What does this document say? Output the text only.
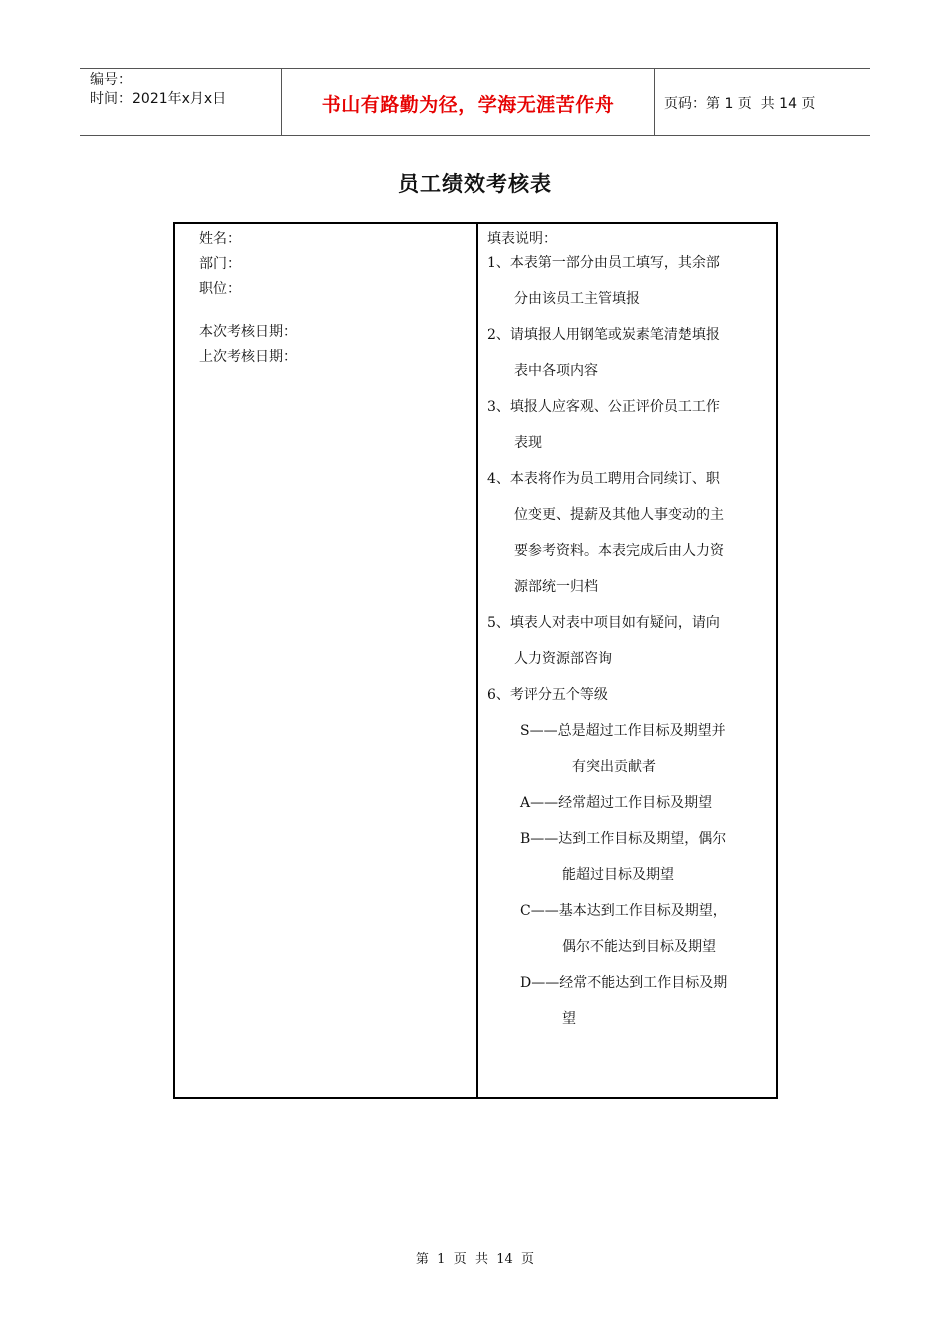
编号：
时间：2021年x月x日	书山有路勤为径，学海无涯苦作舟	页码：第 1 页  共 14 页
员工绩效考核表
姓名：
部门：
职位：
本次考核日期：
上次考核日期：
填表说明：
1、本表第一部分由员工填写，其余部
分由该员工主管填报
2、请填报人用钢笔或炭素笔清楚填报
表中各项内容
3、填报人应客观、公正评价员工工作
表现
4、本表将作为员工聘用合同续订、职
位变更、提薪及其他人事变动的主
要参考资料。本表完成后由人力资
源部统一归档
5、填表人对表中项目如有疑问，请向
人力资源部咨询
6、考评分五个等级
S——总是超过工作目标及期望并
有突出贡献者
A——经常超过工作目标及期望
B——达到工作目标及期望，偶尔
能超过目标及期望
C——基本达到工作目标及期望，
偶尔不能达到目标及期望
D——经常不能达到工作目标及期
望
第  1  页  共  14  页
